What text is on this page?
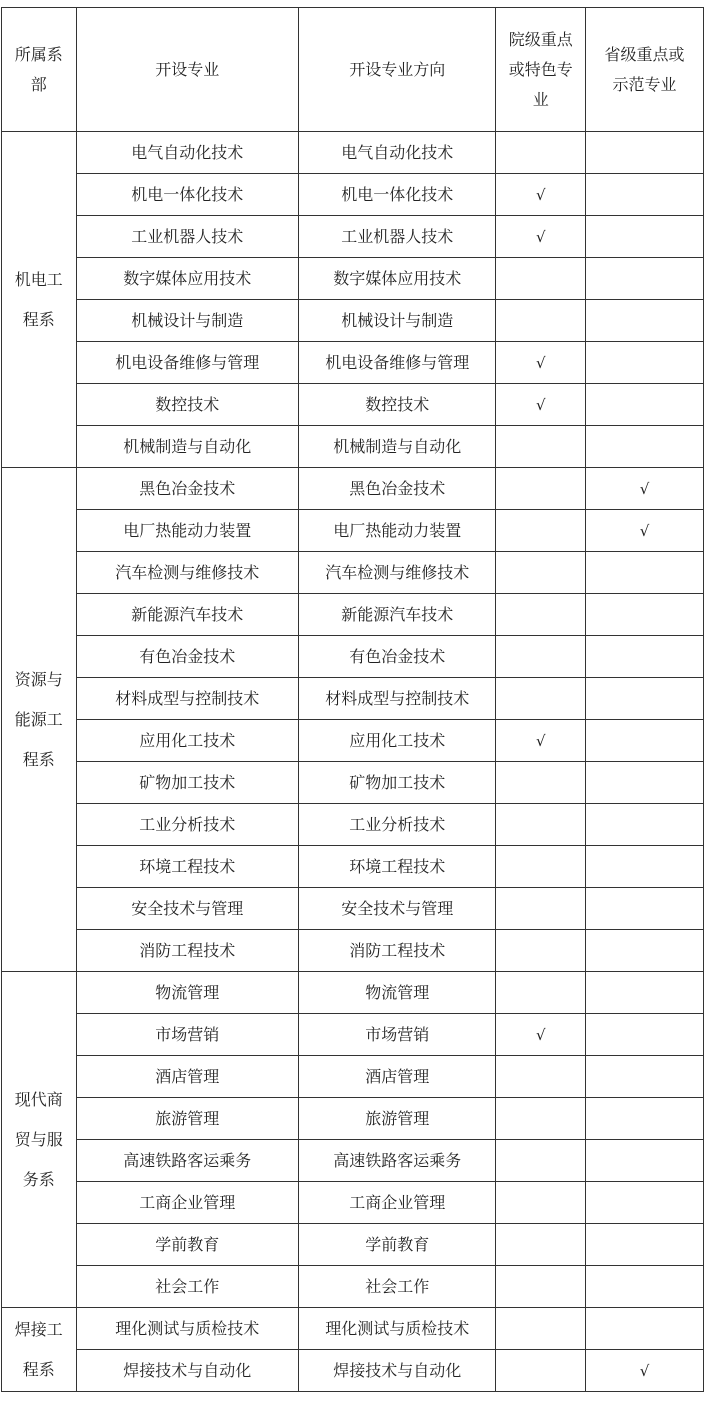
所属系部	开设专业	开设专业方向	院级重点或特色专业	省级重点或示范专业
机电工程系	电气自动化技术	电气自动化技术		
	机电一体化技术	机电一体化技术	√	
	工业机器人技术	工业机器人技术	√	
	数字媒体应用技术	数字媒体应用技术		
	机械设计与制造	机械设计与制造		
	机电设备维修与管理	机电设备维修与管理	√	
	数控技术	数控技术	√	
	机械制造与自动化	机械制造与自动化		
资源与能源工程系	黑色冶金技术	黑色冶金技术		√
	电厂热能动力装置	电厂热能动力装置		√
	汽车检测与维修技术	汽车检测与维修技术		
	新能源汽车技术	新能源汽车技术		
	有色冶金技术	有色冶金技术		
	材料成型与控制技术	材料成型与控制技术		
	应用化工技术	应用化工技术	√	
	矿物加工技术	矿物加工技术		
	工业分析技术	工业分析技术		
	环境工程技术	环境工程技术		
	安全技术与管理	安全技术与管理		
	消防工程技术	消防工程技术		
现代商贸与服务系	物流管理	物流管理		
	市场营销	市场营销	√	
	酒店管理	酒店管理		
	旅游管理	旅游管理		
	高速铁路客运乘务	高速铁路客运乘务		
	工商企业管理	工商企业管理		
	学前教育	学前教育		
	社会工作	社会工作		
焊接工程系	理化测试与质检技术	理化测试与质检技术		
	焊接技术与自动化	焊接技术与自动化		√
